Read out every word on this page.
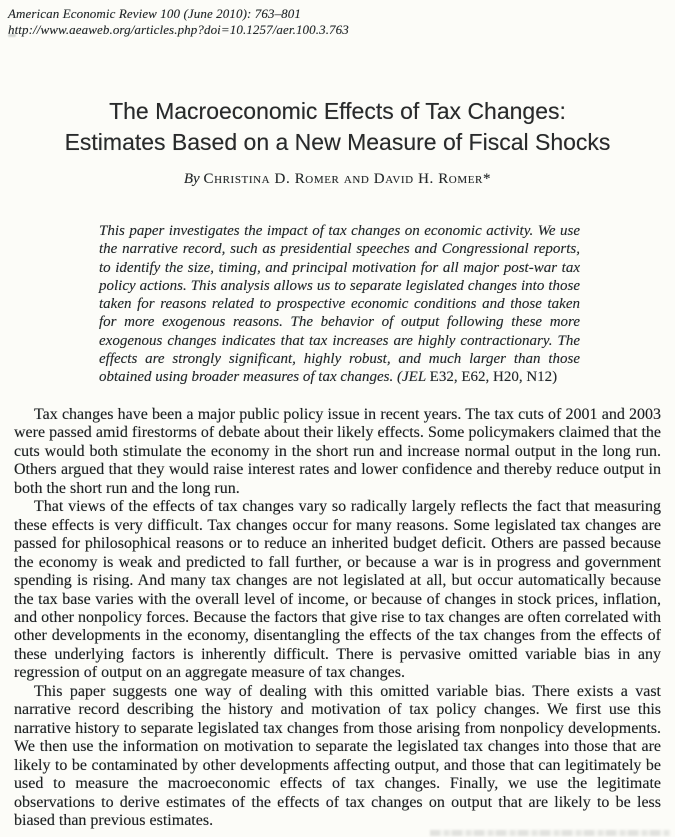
American Economic Review 100 (June 2010): 763–801
http://www.aeaweb.org/articles.php?doi=10.1257/aer.100.3.763
The Macroeconomic Effects of Tax Changes:
Estimates Based on a New Measure of Fiscal Shocks
By Christina D. Romer and David H. Romer*

This paper investigates the impact of tax changes on economic activity. We use the narrative record, such as presidential speeches and Congressional reports, to identify the size, timing, and principal motivation for all major post-war tax policy actions. This analysis allows us to separate legislated changes into those taken for reasons related to prospective economic conditions and those taken for more exogenous reasons. The behavior of output following these more exogenous changes indicates that tax increases are highly contractionary. The effects are strongly significant, highly robust, and much larger than those obtained using broader measures of tax changes. (JEL E32, E62, H20, N12)

Tax changes have been a major public policy issue in recent years. The tax cuts of 2001 and 2003 were passed amid firestorms of debate about their likely effects. Some policymakers claimed that the cuts would both stimulate the economy in the short run and increase normal output in the long run. Others argued that they would raise interest rates and lower confidence and thereby reduce output in both the short run and the long run.

That views of the effects of tax changes vary so radically largely reflects the fact that measuring these effects is very difficult. Tax changes occur for many reasons. Some legislated tax changes are passed for philosophical reasons or to reduce an inherited budget deficit. Others are passed because the economy is weak and predicted to fall further, or because a war is in progress and government spending is rising. And many tax changes are not legislated at all, but occur automatically because the tax base varies with the overall level of income, or because of changes in stock prices, inflation, and other nonpolicy forces. Because the factors that give rise to tax changes are often correlated with other developments in the economy, disentangling the effects of the tax changes from the effects of these underlying factors is inherently difficult. There is pervasive omitted variable bias in any regression of output on an aggregate measure of tax changes.

This paper suggests one way of dealing with this omitted variable bias. There exists a vast narrative record describing the history and motivation of tax policy changes. We first use this narrative history to separate legislated tax changes from those arising from nonpolicy developments. We then use the information on motivation to separate the legislated tax changes into those that are likely to be contaminated by other developments affecting output, and those that can legitimately be used to measure the macroeconomic effects of tax changes. Finally, we use the legitimate observations to derive estimates of the effects of tax changes on output that are likely to be less biased than previous estimates.
